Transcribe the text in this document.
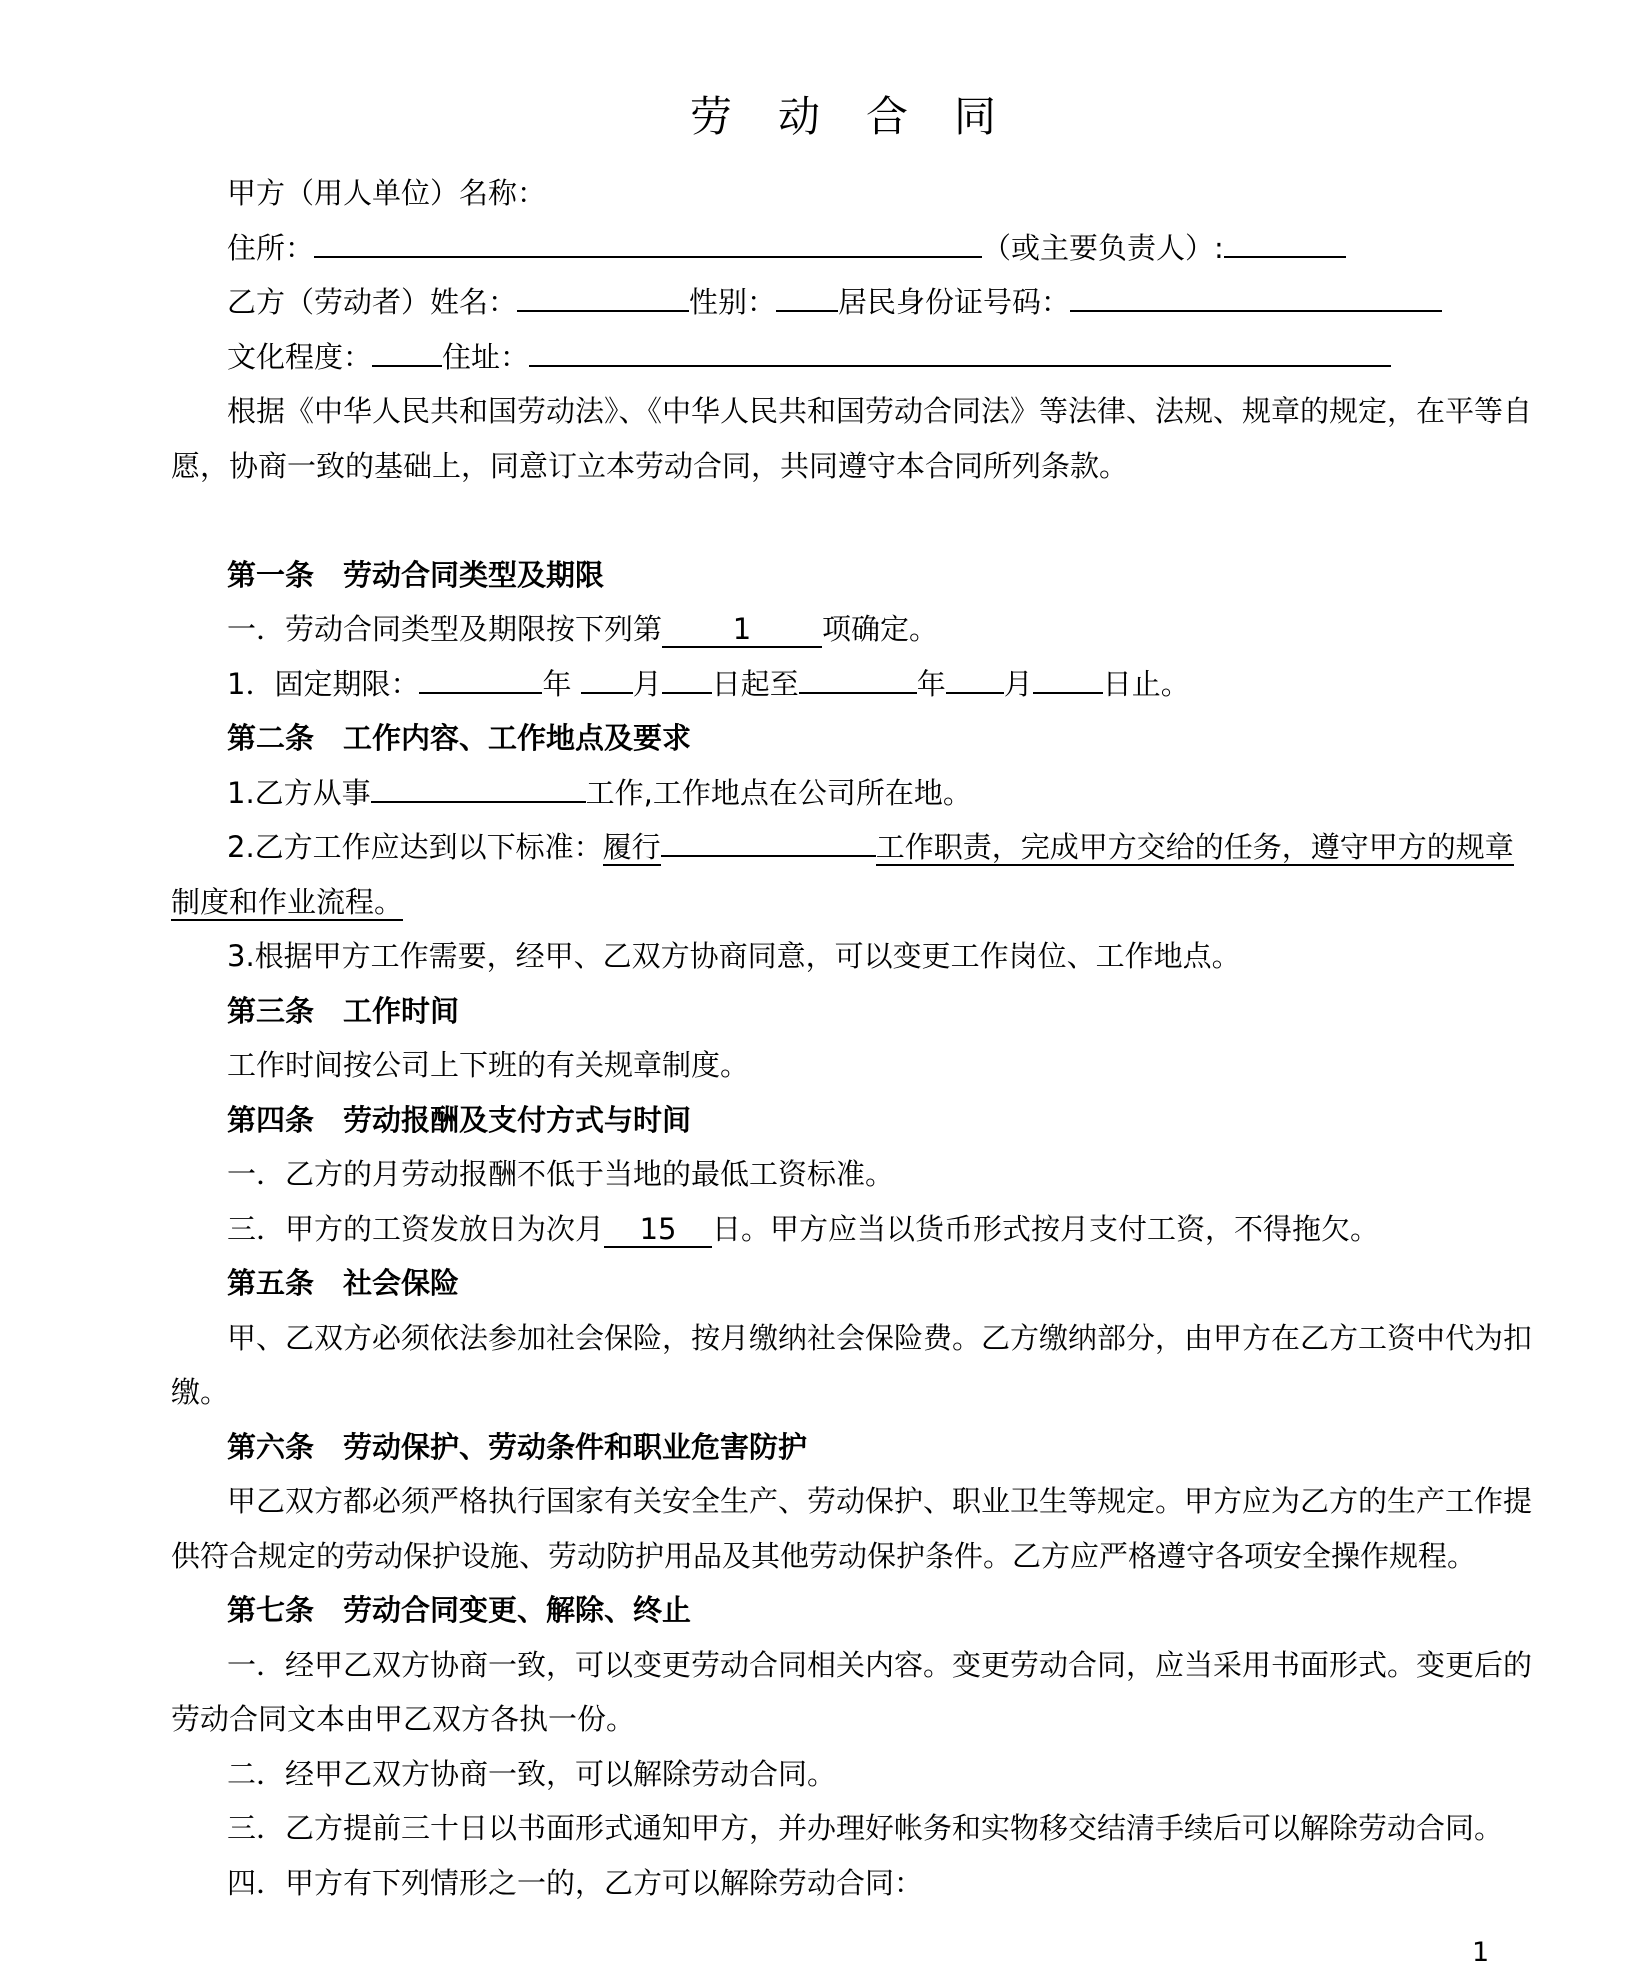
劳　动　合　同
甲方（用人单位）名称：
住所：	（或主要负责人）:
乙方（劳动者）姓名：	性别： 居民身份证号码：
文化程度： 住址：
根据《中华人民共和国劳动法》、《中华人民共和国劳动合同法》等法律、法规、规章的规定，在平等自
愿，协商一致的基础上，同意订立本劳动合同，共同遵守本合同所列条款。
第一条　劳动合同类型及期限
一．劳动合同类型及期限按下列第 1 项确定。
1．固定期限：	年 月 日起至	年 月 日止。
第二条　工作内容、工作地点及要求
1.乙方从事	工作,工作地点在公司所在地。
2.乙方工作应达到以下标准：履行	工作职责，完成甲方交给的任务，遵守甲方的规章
制度和作业流程。
3.根据甲方工作需要，经甲、乙双方协商同意，可以变更工作岗位、工作地点。
第三条　工作时间
工作时间按公司上下班的有关规章制度。
第四条　劳动报酬及支付方式与时间
一．乙方的月劳动报酬不低于当地的最低工资标准。
三．甲方的工资发放日为次月 15 日。甲方应当以货币形式按月支付工资，不得拖欠。
第五条　社会保险
甲、乙双方必须依法参加社会保险，按月缴纳社会保险费。乙方缴纳部分，由甲方在乙方工资中代为扣
缴。
第六条　劳动保护、劳动条件和职业危害防护
甲乙双方都必须严格执行国家有关安全生产、劳动保护、职业卫生等规定。甲方应为乙方的生产工作提
供符合规定的劳动保护设施、劳动防护用品及其他劳动保护条件。乙方应严格遵守各项安全操作规程。
第七条　劳动合同变更、解除、终止
一．经甲乙双方协商一致，可以变更劳动合同相关内容。变更劳动合同，应当采用书面形式。变更后的
劳动合同文本由甲乙双方各执一份。
二．经甲乙双方协商一致，可以解除劳动合同。
三．乙方提前三十日以书面形式通知甲方，并办理好帐务和实物移交结清手续后可以解除劳动合同。
四．甲方有下列情形之一的，乙方可以解除劳动合同：
1
